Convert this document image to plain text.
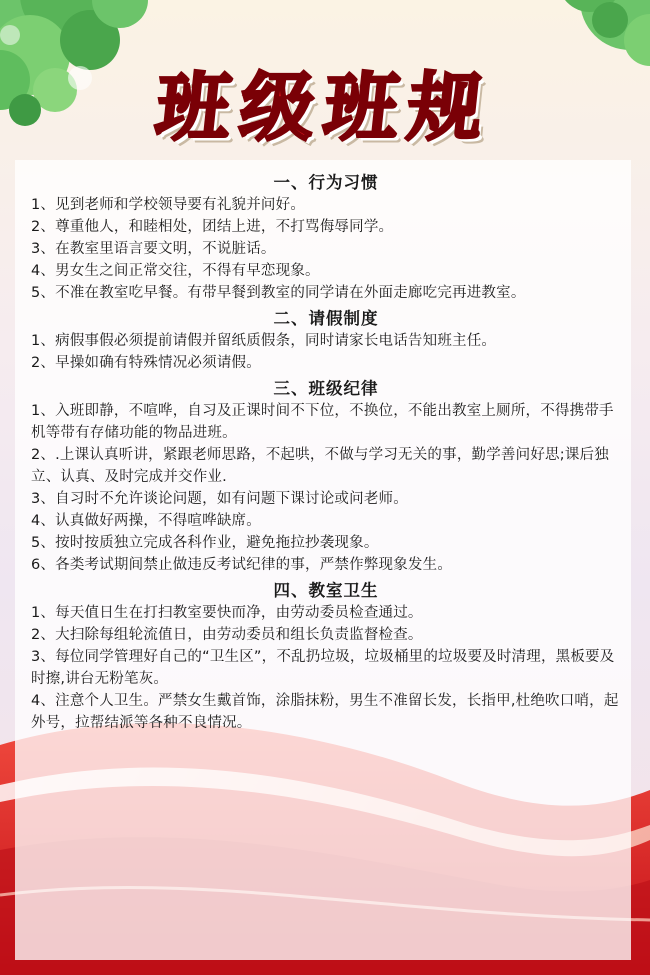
班级班规
一、行为习惯
1、见到老师和学校领导要有礼貌并问好。
2、尊重他人，和睦相处，团结上进，不打骂侮辱同学。
3、在教室里语言要文明，不说脏话。
4、男女生之间正常交往，不得有早恋现象。
5、不准在教室吃早餐。有带早餐到教室的同学请在外面走廊吃完再进教室。
二、请假制度
1、病假事假必须提前请假并留纸质假条，同时请家长电话告知班主任。
2、早操如确有特殊情况必须请假。
三、班级纪律
1、入班即静，不喧哗，自习及正课时间不下位，不换位，不能出教室上厕所，不得携带手机等带有存储功能的物品进班。
2、.上课认真听讲，紧跟老师思路，不起哄，不做与学习无关的事，勤学善问好思;课后独立、认真、及时完成并交作业.
3、自习时不允许谈论问题，如有问题下课讨论或问老师。
4、认真做好两操，不得喧哗缺席。
5、按时按质独立完成各科作业，避免拖拉抄袭现象。
6、各类考试期间禁止做违反考试纪律的事，严禁作弊现象发生。
四、教室卫生
1、每天值日生在打扫教室要快而净，由劳动委员检查通过。
2、大扫除每组轮流值日，由劳动委员和组长负责监督检查。
3、每位同学管理好自己的“卫生区”，不乱扔垃圾，垃圾桶里的垃圾要及时清理，黑板要及时擦,讲台无粉笔灰。
4、注意个人卫生。严禁女生戴首饰，涂脂抹粉，男生不准留长发，长指甲,杜绝吹口哨，起外号，拉帮结派等各种不良情况。
